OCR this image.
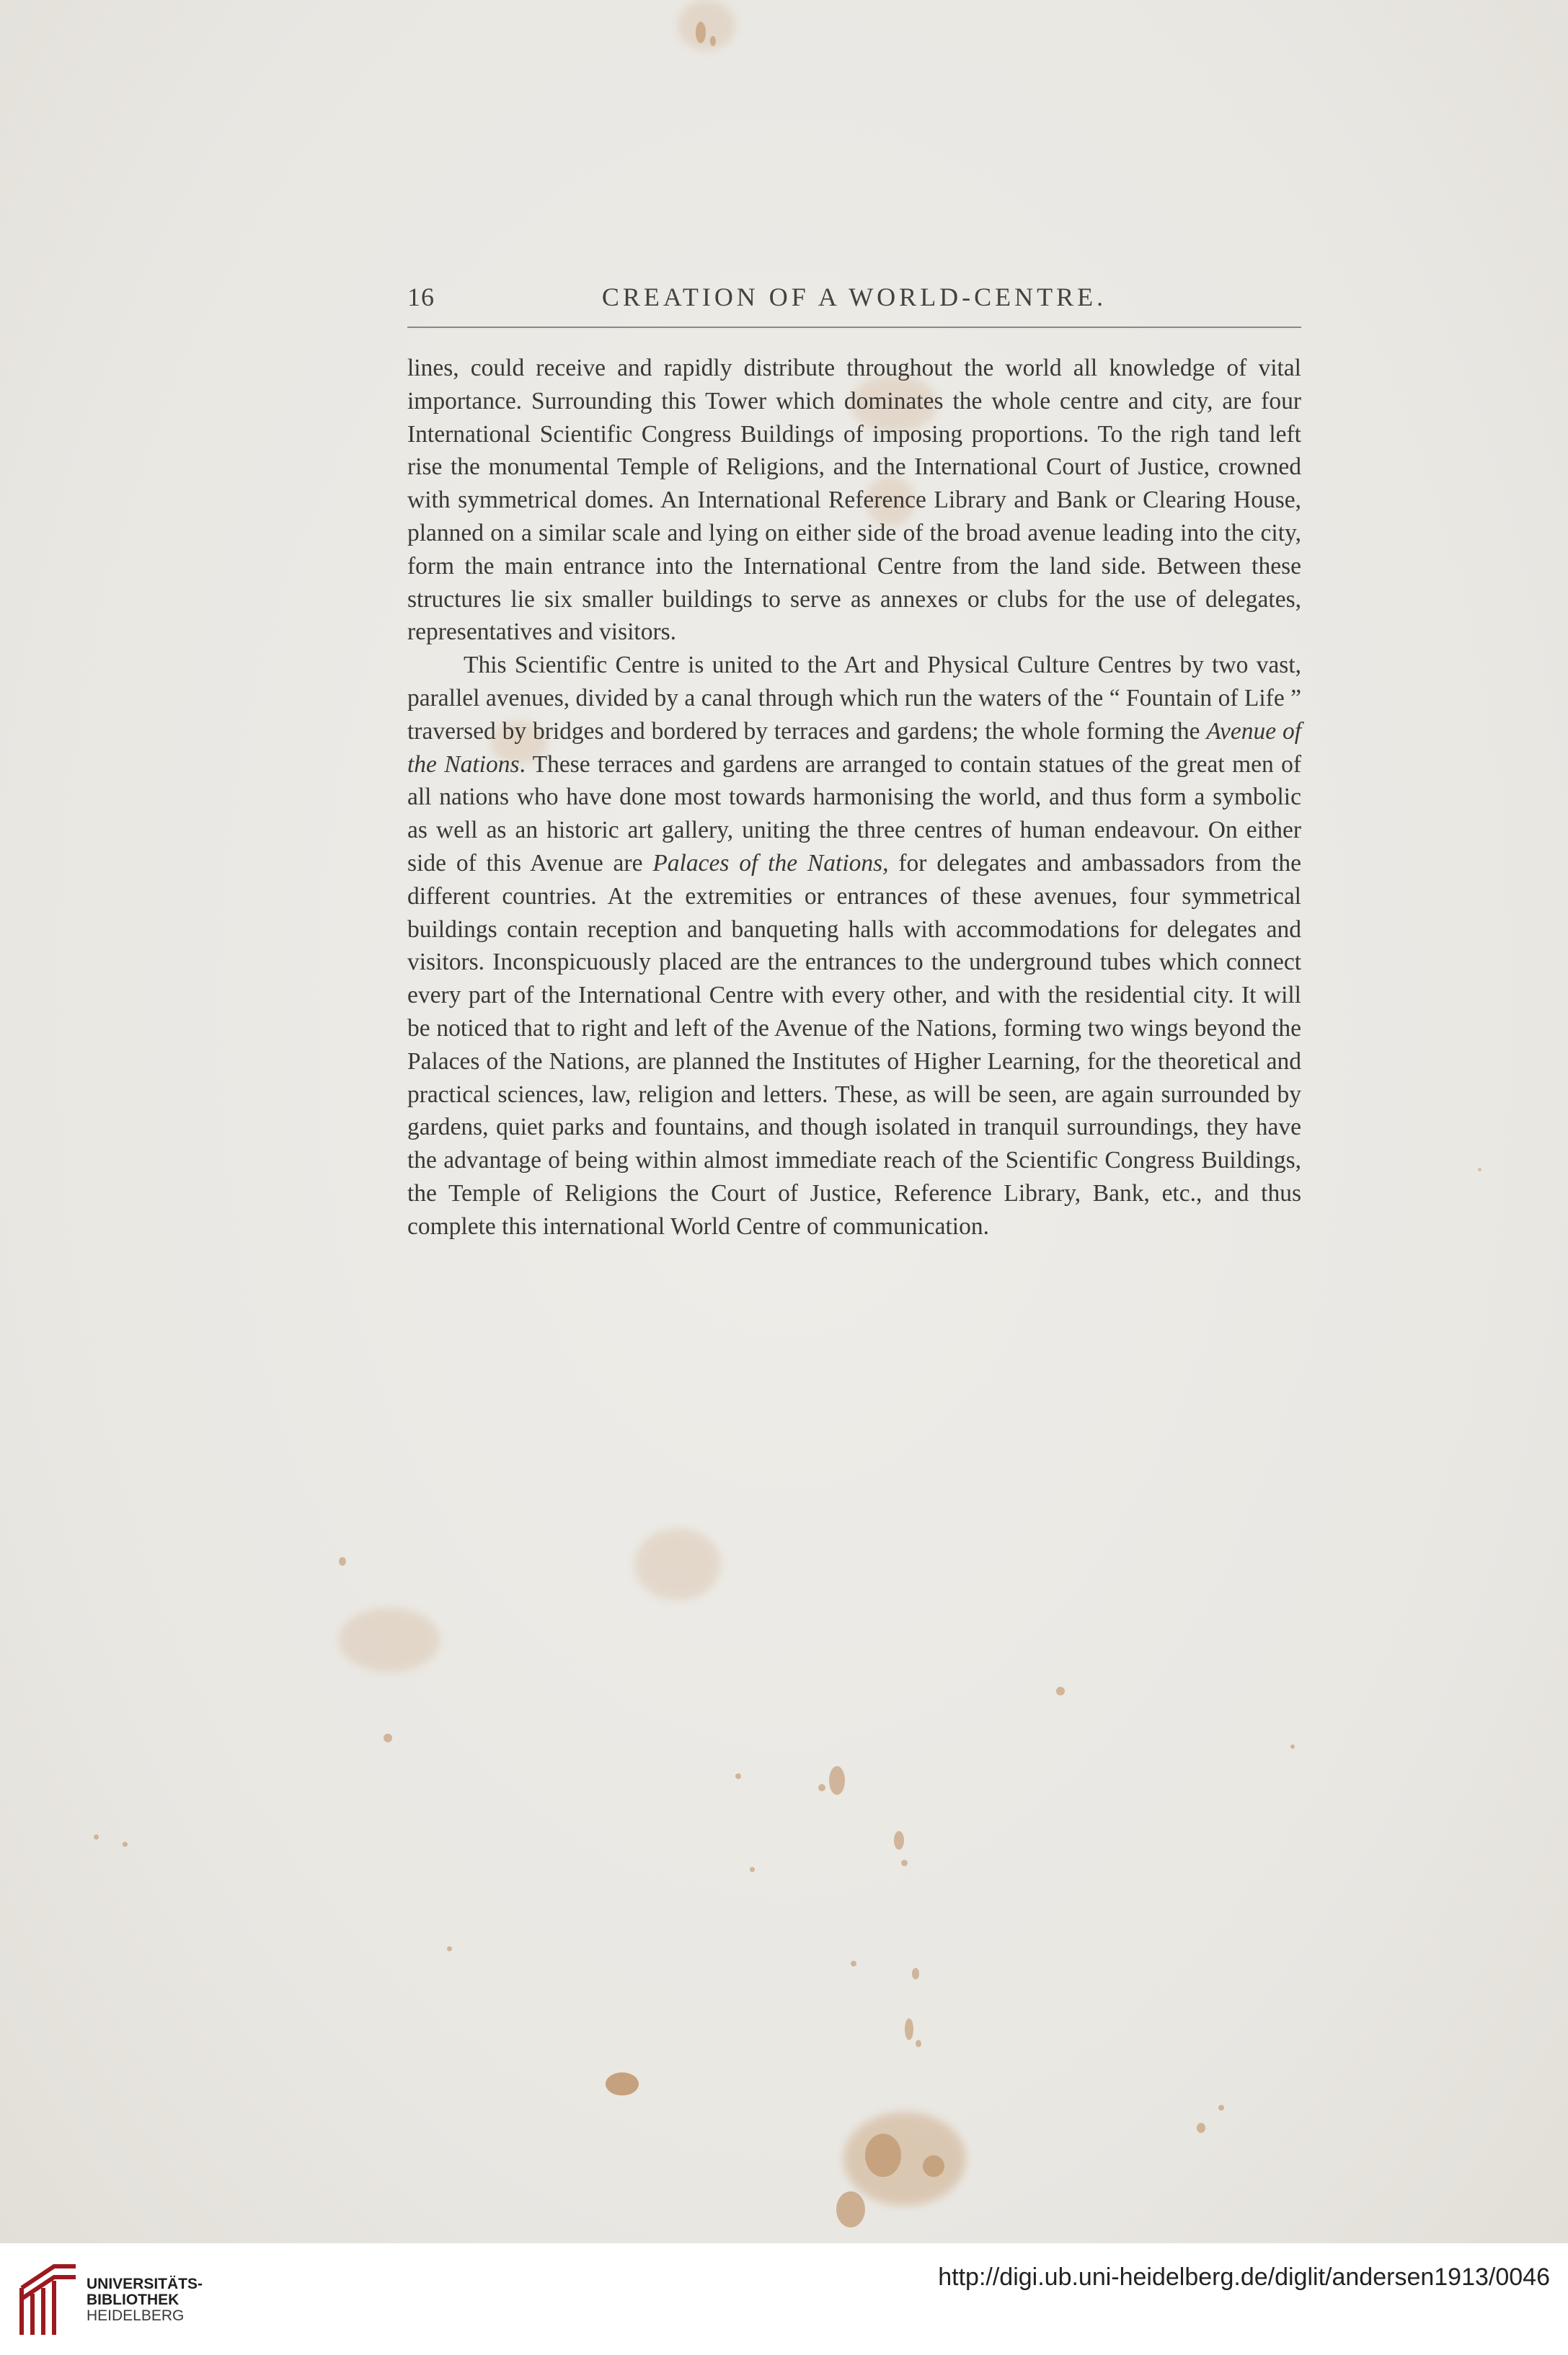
16	CREATION OF A WORLD-CENTRE.

lines, could receive and rapidly distribute throughout the world all knowledge of vital importance. Surrounding this Tower which dominates the whole centre and city, are four International Scientific Congress Buildings of imposing proportions. To the righ tand left rise the monumental Temple of Religions, and the International Court of Justice, crowned with symmetrical domes. An International Reference Library and Bank or Clearing House, planned on a similar scale and lying on either side of the broad avenue leading into the city, form the main entrance into the International Centre from the land side. Between these structures lie six smaller buildings to serve as annexes or clubs for the use of delegates, representatives and visitors.

This Scientific Centre is united to the Art and Physical Culture Centres by two vast, parallel avenues, divided by a canal through which run the waters of the “ Fountain of Life ” traversed by bridges and bordered by terraces and gardens; the whole forming the Avenue of the Nations. These terraces and gardens are arranged to contain statues of the great men of all nations who have done most towards harmonising the world, and thus form a symbolic as well as an historic art gallery, uniting the three centres of human endeavour. On either side of this Avenue are Palaces of the Nations, for delegates and ambassadors from the different countries. At the extremities or entrances of these avenues, four symmetrical buildings contain reception and banqueting halls with accommodations for delegates and visitors. Inconspicuously placed are the entrances to the underground tubes which connect every part of the International Centre with every other, and with the residential city. It will be noticed that to right and left of the Avenue of the Nations, forming two wings beyond the Palaces of the Nations, are planned the Institutes of Higher Learning, for the theoretical and practical sciences, law, religion and letters. These, as will be seen, are again surrounded by gardens, quiet parks and fountains, and though isolated in tranquil surroundings, they have the advantage of being within almost immediate reach of the Scientific Congress Buildings, the Temple of Religions the Court of Justice, Reference Library, Bank, etc., and thus complete this international World Centre of communication.

UNIVERSITÄTS-
BIBLIOTHEK
HEIDELBERG
http://digi.ub.uni-heidelberg.de/diglit/andersen1913/0046
